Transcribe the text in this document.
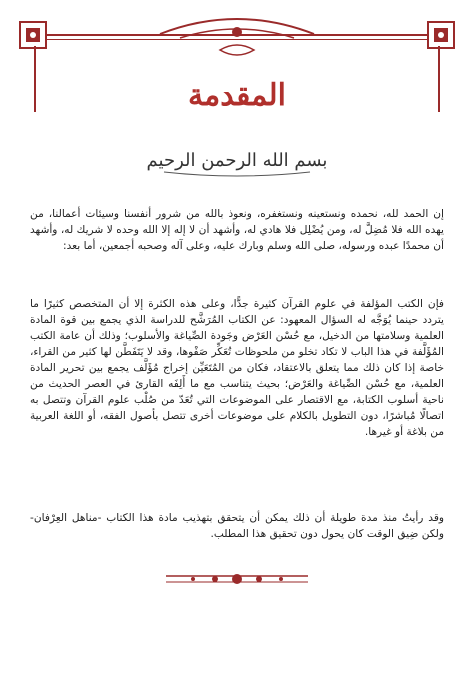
المقدمة
بسم الله الرحمن الرحيم
إن الحمد لله، نحمده ونستعينه ونستغفره، ونعوذ بالله من شرور أنفسنا وسيئات أعمالنا، من يهده الله فلا مُضِلَّ له، ومن يُضْلِل فلا هادي له، وأشهد أن لا إله إلا الله وحده لا شريك له، وأشهد أن محمدًا عبده ورسوله، صلى الله وسلم وبارك عليه، وعلى آله وصحبه أجمعين، أما بعد:
فإن الكتب المؤلفة في علوم القرآن كثيرة جدًّا، وعلى هذه الكثرة إلا أن المتخصص كثيرًا ما يتردد حينما يُوَجَّه له السؤال المعهود: عن الكتاب المُرَشَّح للدراسة الذي يجمع بين قوة المادة العلمية وسلامتها من الدخيل، مع حُسْن العَرْض وجَودة الصِّياغة والأسلوب؛ وذلك أن عامة الكتب المُؤَلَّفة في هذا الباب لا تكاد تخلو من ملحوظات تُعَكِّر صَفْوها، وقد لا يَتَفَطَّن لها كثير من القراء، خاصة إذا كان ذلك مما يتعلق بالاعتقاد، فكان من المُتَعَيِّن إخراج مُؤَلَّف يجمع بين تحرير المادة العلمية، مع حُسْن الصِّياغة والعَرْض؛ بحيث يتناسب مع ما أَلِفَه القارئ في العصر الحديث من ناحية أسلوب الكتابة، مع الاقتصار على الموضوعات التي تُعَدّ من صُلْب علوم القرآن وتتصل به اتصالًا مُباشرًا، دون التطويل بالكلام على موضوعات أخرى تتصل بأصول الفقه، أو اللغة العربية من بلاغة أو غيرها.
وقد رأيتُ منذ مدة طويلة أن ذلك يمكن أن يتحقق بتهذيب مادة هذا الكتاب -مناهل العِرْفان- ولكن ضِيق الوقت كان يحول دون تحقيق هذا المطلب.
